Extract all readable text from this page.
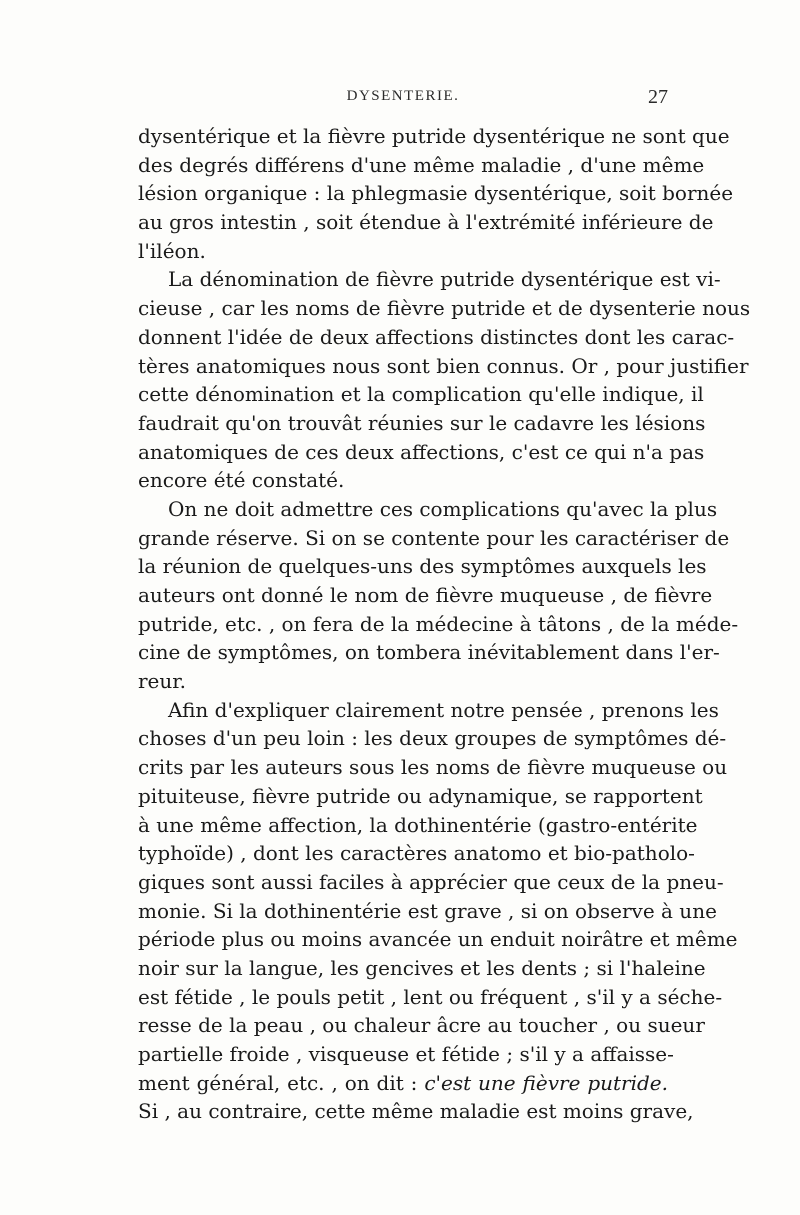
DYSENTERIE.	27
dysentérique et la fièvre putride dysentérique ne sont que
des degrés différens d'une même maladie , d'une même
lésion organique : la phlegmasie dysentérique, soit bornée
au gros intestin , soit étendue à l'extrémité inférieure de
l'iléon.
La dénomination de fièvre putride dysentérique est vi-
cieuse , car les noms de fièvre putride et de dysenterie nous
donnent l'idée de deux affections distinctes dont les carac-
tères anatomiques nous sont bien connus. Or , pour justifier
cette dénomination et la complication qu'elle indique, il
faudrait qu'on trouvât réunies sur le cadavre les lésions
anatomiques de ces deux affections, c'est ce qui n'a pas
encore été constaté.
On ne doit admettre ces complications qu'avec la plus
grande réserve. Si on se contente pour les caractériser de
la réunion de quelques-uns des symptômes auxquels les
auteurs ont donné le nom de fièvre muqueuse , de fièvre
putride, etc. , on fera de la médecine à tâtons , de la méde-
cine de symptômes, on tombera inévitablement dans l'er-
reur.
Afin d'expliquer clairement notre pensée , prenons les
choses d'un peu loin : les deux groupes de symptômes dé-
crits par les auteurs sous les noms de fièvre muqueuse ou
pituiteuse, fièvre putride ou adynamique, se rapportent
à une même affection, la dothinentérie (gastro-entérite
typhoïde) , dont les caractères anatomo et bio-patholo-
giques sont aussi faciles à apprécier que ceux de la pneu-
monie. Si la dothinentérie est grave , si on observe à une
période plus ou moins avancée un enduit noirâtre et même
noir sur la langue, les gencives et les dents ; si l'haleine
est fétide , le pouls petit , lent ou fréquent , s'il y a séche-
resse de la peau , ou chaleur âcre au toucher , ou sueur
partielle froide , visqueuse et fétide ; s'il y a affaisse-
ment général, etc. , on dit : c'est une fièvre putride.
Si , au contraire, cette même maladie est moins grave,
